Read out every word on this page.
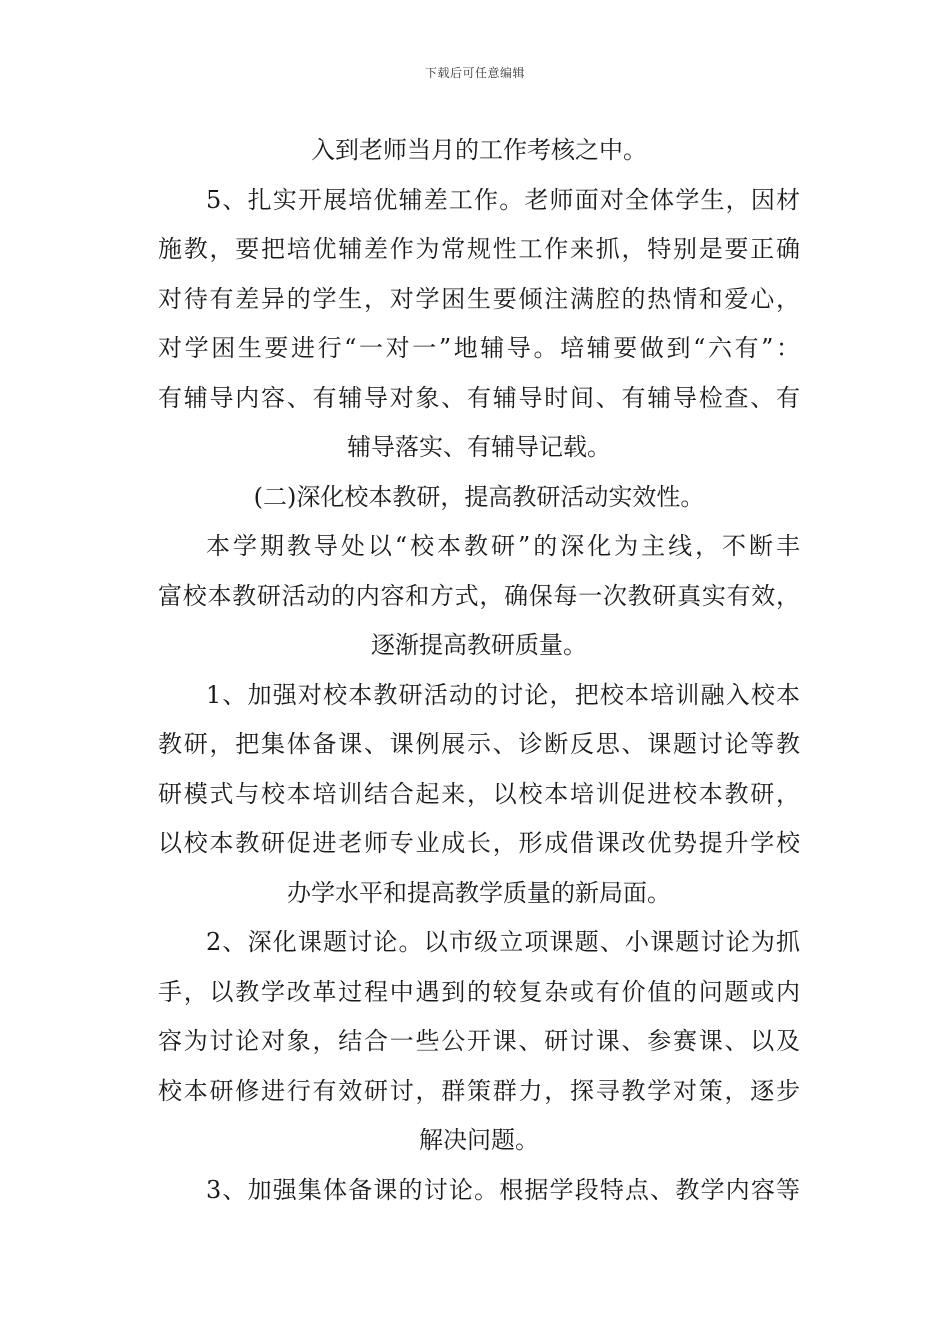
下载后可任意编辑
入到老师当月的工作考核之中。
5、扎实开展培优辅差工作。老师面对全体学生，因材
施教，要把培优辅差作为常规性工作来抓，特别是要正确
对待有差异的学生，对学困生要倾注满腔的热情和爱心，
对学困生要进行“一对一”地辅导。培辅要做到“六有”：
有辅导内容、有辅导对象、有辅导时间、有辅导检查、有
辅导落实、有辅导记载。
(二)深化校本教研，提高教研活动实效性。
本学期教导处以“校本教研”的深化为主线，不断丰
富校本教研活动的内容和方式，确保每一次教研真实有效，
逐渐提高教研质量。
1、加强对校本教研活动的讨论，把校本培训融入校本
教研，把集体备课、课例展示、诊断反思、课题讨论等教
研模式与校本培训结合起来，以校本培训促进校本教研，
以校本教研促进老师专业成长，形成借课改优势提升学校
办学水平和提高教学质量的新局面。
2、深化课题讨论。以市级立项课题、小课题讨论为抓
手，以教学改革过程中遇到的较复杂或有价值的问题或内
容为讨论对象，结合一些公开课、研讨课、参赛课、以及
校本研修进行有效研讨，群策群力，探寻教学对策，逐步
解决问题。
3、加强集体备课的讨论。根据学段特点、教学内容等
